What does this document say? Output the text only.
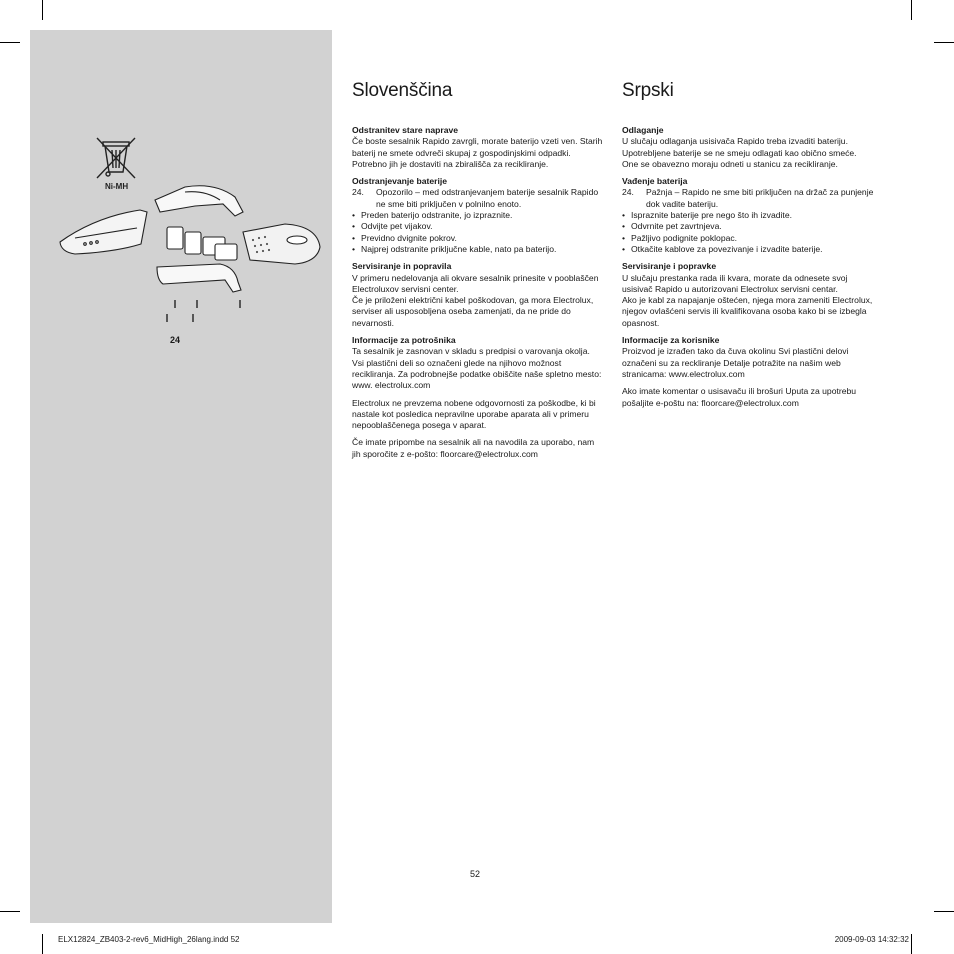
Ni-MH
24
Slovenščina

Odstranitev stare naprave

Če boste sesalnik Rapido zavrgli, morate baterijo vzeti ven. Starih baterij ne smete odvreči skupaj z gospodinjskimi odpadki. Potrebno jih je dostaviti na zbirališča za recikliranje.

Odstranjevanje baterije

24.	Opozorilo – med odstranjevanjem baterije sesalnik Rapido ne sme biti priključen v polnilno enoto.
• Preden baterijo odstranite, jo izpraznite.
• Odvijte pet vijakov.
• Previdno dvignite pokrov.
• Najprej odstranite priključne kable, nato pa baterijo.

Servisiranje in popravila

V primeru nedelovanja ali okvare sesalnik prinesite v pooblaščen Electroluxov servisni center.

Če je priloženi električni kabel poškodovan, ga mora Electrolux, serviser ali usposobljena oseba zamenjati, da ne pride do nevarnosti.

Informacije za potrošnika

Ta sesalnik je zasnovan v skladu s predpisi o varovanja okolja. Vsi plastični deli so označeni glede na njihovo možnost recikliranja. Za podrobnejše podatke obiščite naše spletno mesto: www. electrolux.com

Electrolux ne prevzema nobene odgovornosti za poškodbe, ki bi nastale kot posledica nepravilne uporabe aparata ali v primeru nepooblaščenega posega v aparat.

Če imate pripombe na sesalnik ali na navodila za uporabo, nam jih sporočite z e-pošto: floorcare@electrolux.com

Srpski

Odlaganje

U slučaju odlaganja usisivača Rapido treba izvaditi bateriju. Upotrebljene baterije se ne smeju odlagati kao obično smeće. One se obavezno moraju odneti u stanicu za recikliranje.

Vađenje baterija

24.	Pažnja – Rapido ne sme biti priključen na držač za punjenje dok vadite bateriju.
• Ispraznite baterije pre nego što ih izvadite.
• Odvrnite pet zavrtnjeva.
• Pažljivo podignite poklopac.
• Otkačite kablove za povezivanje i izvadite baterije.

Servisiranje i popravke

U slučaju prestanka rada ili kvara, morate da odnesete svoj usisivač Rapido u autorizovani Electrolux servisni centar.

Ako je kabl za napajanje oštećen, njega mora zameniti Electrolux, njegov ovlašćeni servis ili kvalifikovana osoba kako bi se izbegla opasnost.

Informacije za korisnike

Proizvod je izrađen tako da čuva okolinu Svi plastični delovi označeni su za reckliranje Detalje potražite na našim web stranicama: www.electrolux.com

Ako imate komentar o usisavaču ili brošuri Uputa za upotrebu pošaljite e-poštu na: floorcare@electrolux.com

52
ELX12824_ZB403-2-rev6_MidHigh_26lang.indd 52	2009-09-03 14:32:32
